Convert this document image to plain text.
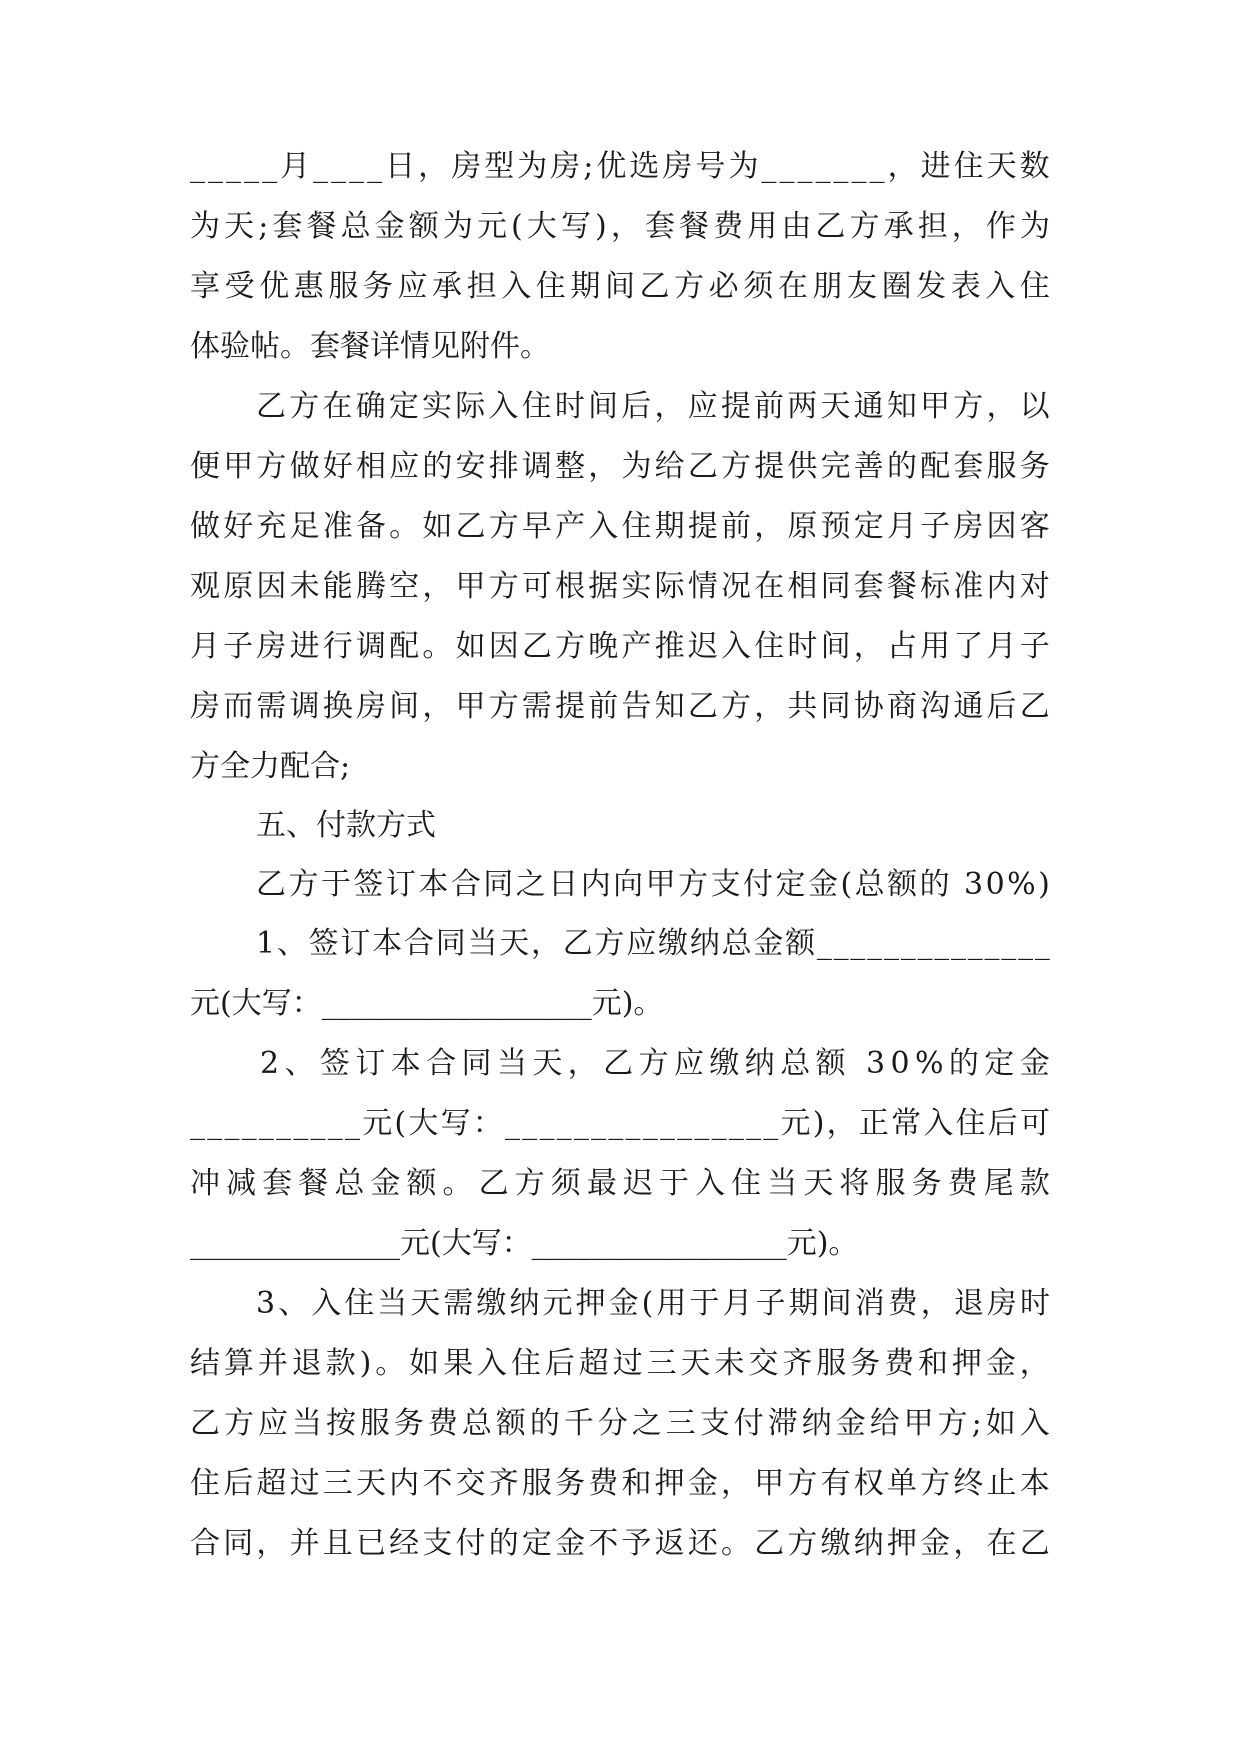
_ _ _ _ _ 月 _ _ _ _ 日 ， 房 型 为 房 ; 优 选 房 号 为 _ _ _ _ _ _ _ ， 进 住 天 数
为 天 ; 套 餐 总 金 额 为 元 ( 大 写 ) ， 套 餐 费 用 由 乙 方 承 担 ， 作 为
享 受 优 惠 服 务 应 承 担 入 住 期 间 乙 方 必 须 在 朋 友 圈 发 表 入 住
体验帖。套餐详情见附件。
乙 方 在 确 定 实 际 入 住 时 间 后 ， 应 提 前 两 天 通 知 甲 方 ， 以
便 甲 方 做 好 相 应 的 安 排 调 整 ， 为 给 乙 方 提 供 完 善 的 配 套 服 务
做 好 充 足 准 备 。 如 乙 方 早 产 入 住 期 提 前 ， 原 预 定 月 子 房 因 客
观 原 因 未 能 腾 空 ， 甲 方 可 根 据 实 际 情 况 在 相 同 套 餐 标 准 内 对
月 子 房 进 行 调 配 。 如 因 乙 方 晚 产 推 迟 入 住 时 间 ， 占 用 了 月 子
房 而 需 调 换 房 间 ， 甲 方 需 提 前 告 知 乙 方 ， 共 同 协 商 沟 通 后 乙
方全力配合;
五、付款方式
乙 方 于 签 订 本 合 同 之 日 内 向 甲 方 支 付 定 金 ( 总 额 的
3 0 % )
1 、 签 订 本 合 同 当 天 ， 乙 方 应 缴 纳 总 金 额 _ _ _ _ _ _ _ _ _ _ _ _ _ _
元(大写：__________________元)。
2 、 签 订 本 合 同 当 天 ， 乙 方 应 缴 纳 总 额
3 0 % 的 定 金
_ _ _ _ _ _ _ _ _ _ 元 ( 大 写 ： _ _ _ _ _ _ _ _ _ _ _ _ _ _ _ _ 元 ) ， 正 常 入 住 后 可
冲 减 套 餐 总 金 额 。 乙 方 须 最 迟 于 入 住 当 天 将 服 务 费 尾 款
______________元(大写：_________________元)。
3 、 入 住 当 天 需 缴 纳 元 押 金 ( 用 于 月 子 期 间 消 费 ， 退 房 时
结 算 并 退 款 ) 。 如 果 入 住 后 超 过 三 天 未 交 齐 服 务 费 和 押 金 ，
乙 方 应 当 按 服 务 费 总 额 的 千 分 之 三 支 付 滞 纳 金 给 甲 方 ; 如 入
住 后 超 过 三 天 内 不 交 齐 服 务 费 和 押 金 ， 甲 方 有 权 单 方 终 止 本
合 同 ， 并 且 已 经 支 付 的 定 金 不 予 返 还 。 乙 方 缴 纳 押 金 ， 在 乙
